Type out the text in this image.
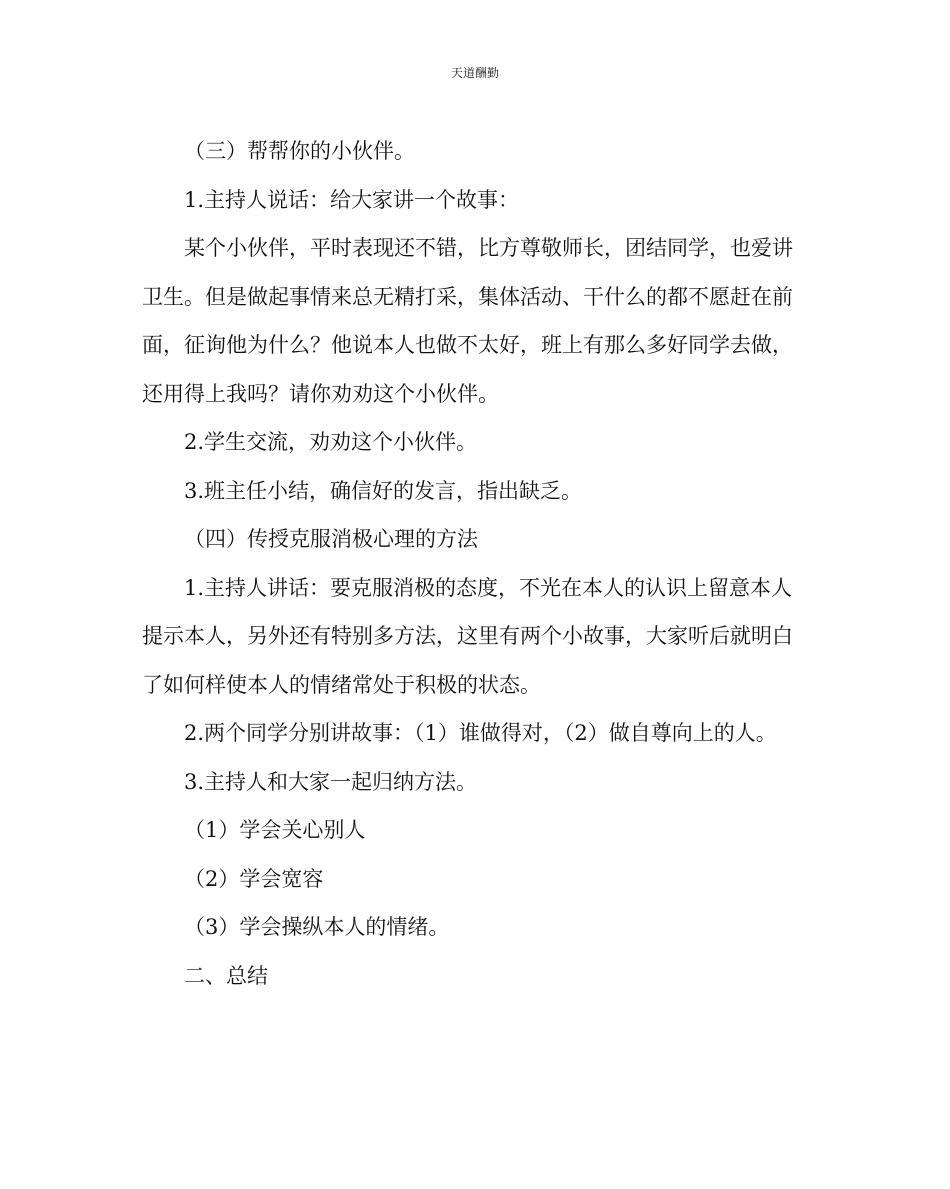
天道酬勤

（三）帮帮你的小伙伴。

1.主持人说话：给大家讲一个故事：

某个小伙伴，平时表现还不错，比方尊敬师长，团结同学，也爱讲卫生。但是做起事情来总无精打采，集体活动、干什么的都不愿赶在前面，征询他为什么？他说本人也做不太好，班上有那么多好同学去做，还用得上我吗？请你劝劝这个小伙伴。

2.学生交流，劝劝这个小伙伴。

3.班主任小结，确信好的发言，指出缺乏。

（四）传授克服消极心理的方法

1.主持人讲话：要克服消极的态度，不光在本人的认识上留意本人提示本人，另外还有特别多方法，这里有两个小故事，大家听后就明白了如何样使本人的情绪常处于积极的状态。

2.两个同学分别讲故事：（1）谁做得对，（2）做自尊向上的人。

3.主持人和大家一起归纳方法。

（1）学会关心别人

（2）学会宽容

（3）学会操纵本人的情绪。

二、总结
